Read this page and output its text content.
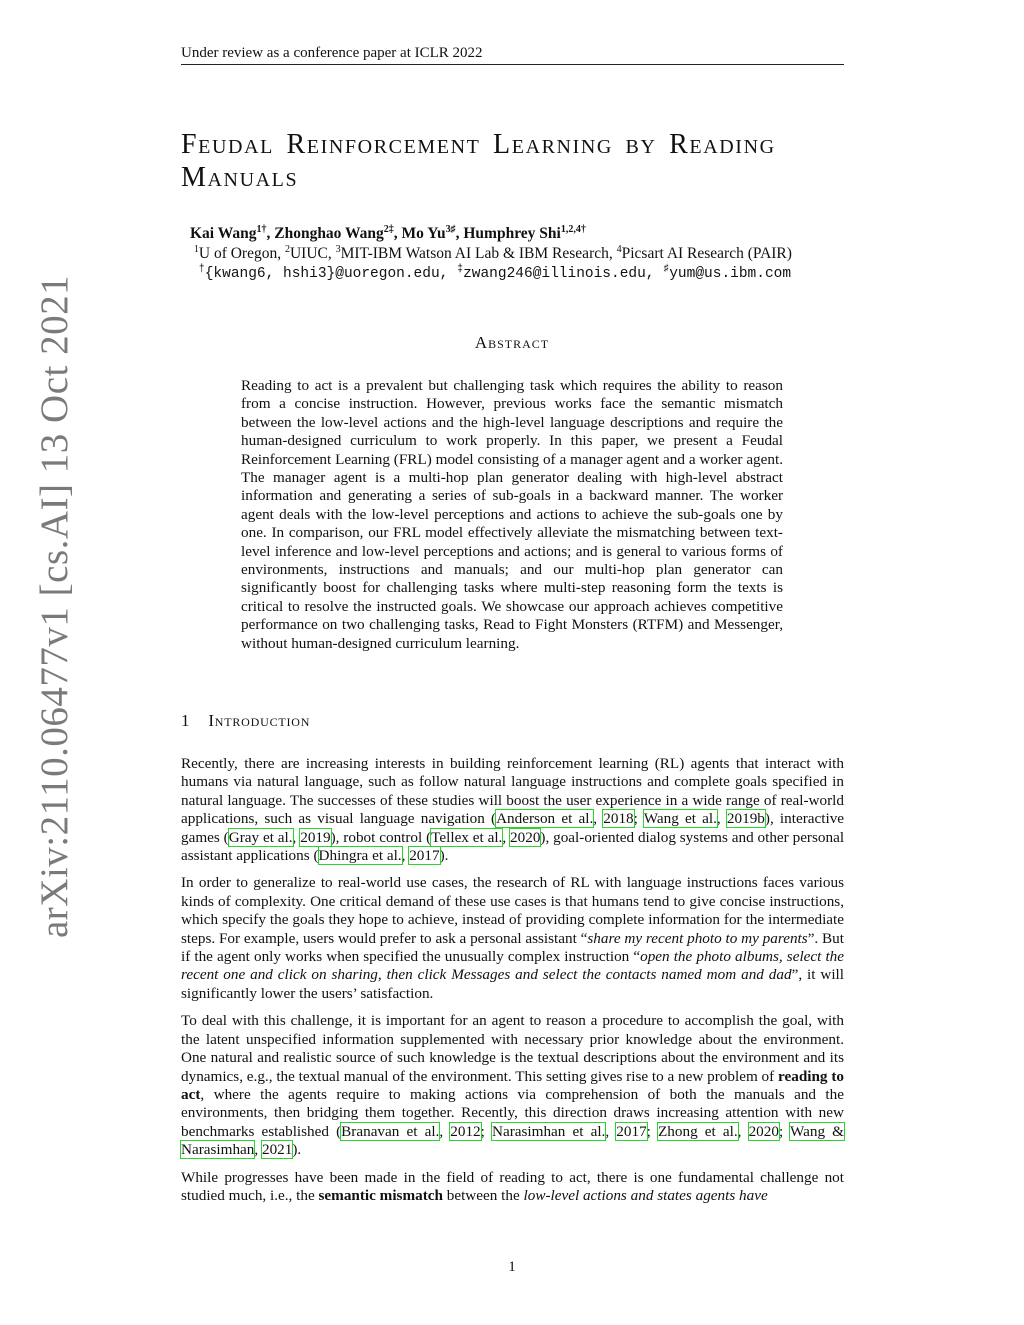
Under review as a conference paper at ICLR 2022
arXiv:2110.06477v1 [cs.AI] 13 Oct 2021
Feudal Reinforcement Learning by Reading Manuals
Kai Wang$^{1\dagger}$, Zhonghao Wang$^{2\ddagger}$, Mo $Yu^{3♯}$, Humphrey Shi$^{1,2,4\dagger}$
$^1$U of Oregon, $^2$UIUC, $^3$MIT-IBM Watson AI Lab & IBM Research, $^4$Picsart AI Research (PAIR)
†{kwang6, hshi3}@uoregon.edu, ‡zwang246@illinois.edu, ♯yum@us.ibm.com
Abstract
Reading to act is a prevalent but challenging task which requires the ability to reason from a concise instruction. However, previous works face the semantic mismatch between the low-level actions and the high-level language descriptions and require the human-designed curriculum to work properly. In this paper, we present a Feudal Reinforcement Learning (FRL) model consisting of a manager agent and a worker agent. The manager agent is a multi-hop plan generator dealing with high-level abstract information and generating a series of sub-goals in a backward manner. The worker agent deals with the low-level perceptions and actions to achieve the sub-goals one by one. In comparison, our FRL model effectively alleviate the mismatching between text-level inference and low-level perceptions and actions; and is general to various forms of environments, instructions and manuals; and our multi-hop plan generator can significantly boost for challenging tasks where multi-step reasoning form the texts is critical to resolve the instructed goals. We showcase our approach achieves competitive performance on two challenging tasks, Read to Fight Monsters (RTFM) and Messenger, without human-designed curriculum learning.
1 Introduction

Recently, there are increasing interests in building reinforcement learning (RL) agents that interact with humans via natural language, such as follow natural language instructions and complete goals specified in natural language. The successes of these studies will boost the user experience in a wide range of real-world applications, such as visual language navigation (Anderson et al., 2018; Wang et al., 2019b), interactive games (Gray et al., 2019), robot control (Tellex et al., 2020), goal-oriented dialog systems and other personal assistant applications (Dhingra et al., 2017).

In order to generalize to real-world use cases, the research of RL with language instructions faces various kinds of complexity. One critical demand of these use cases is that humans tend to give concise instructions, which specify the goals they hope to achieve, instead of providing complete information for the intermediate steps. For example, users would prefer to ask a personal assistant “share my recent photo to my parents”. But if the agent only works when specified the unusually complex instruction “open the photo albums, select the recent one and click on sharing, then click Messages and select the contacts named mom and dad”, it will significantly lower the users’ satisfaction.

To deal with this challenge, it is important for an agent to reason a procedure to accomplish the goal, with the latent unspecified information supplemented with necessary prior knowledge about the environment. One natural and realistic source of such knowledge is the textual descriptions about the environment and its dynamics, e.g., the textual manual of the environment. This setting gives rise to a new problem of reading to act, where the agents require to making actions via comprehension of both the manuals and the environments, then bridging them together. Recently, this direction draws increasing attention with new benchmarks established (Branavan et al., 2012; Narasimhan et al., 2017; Zhong et al., 2020; Wang & Narasimhan, 2021).

While progresses have been made in the field of reading to act, there is one fundamental challenge not studied much, i.e., the semantic mismatch between the low-level actions and states agents have

1
